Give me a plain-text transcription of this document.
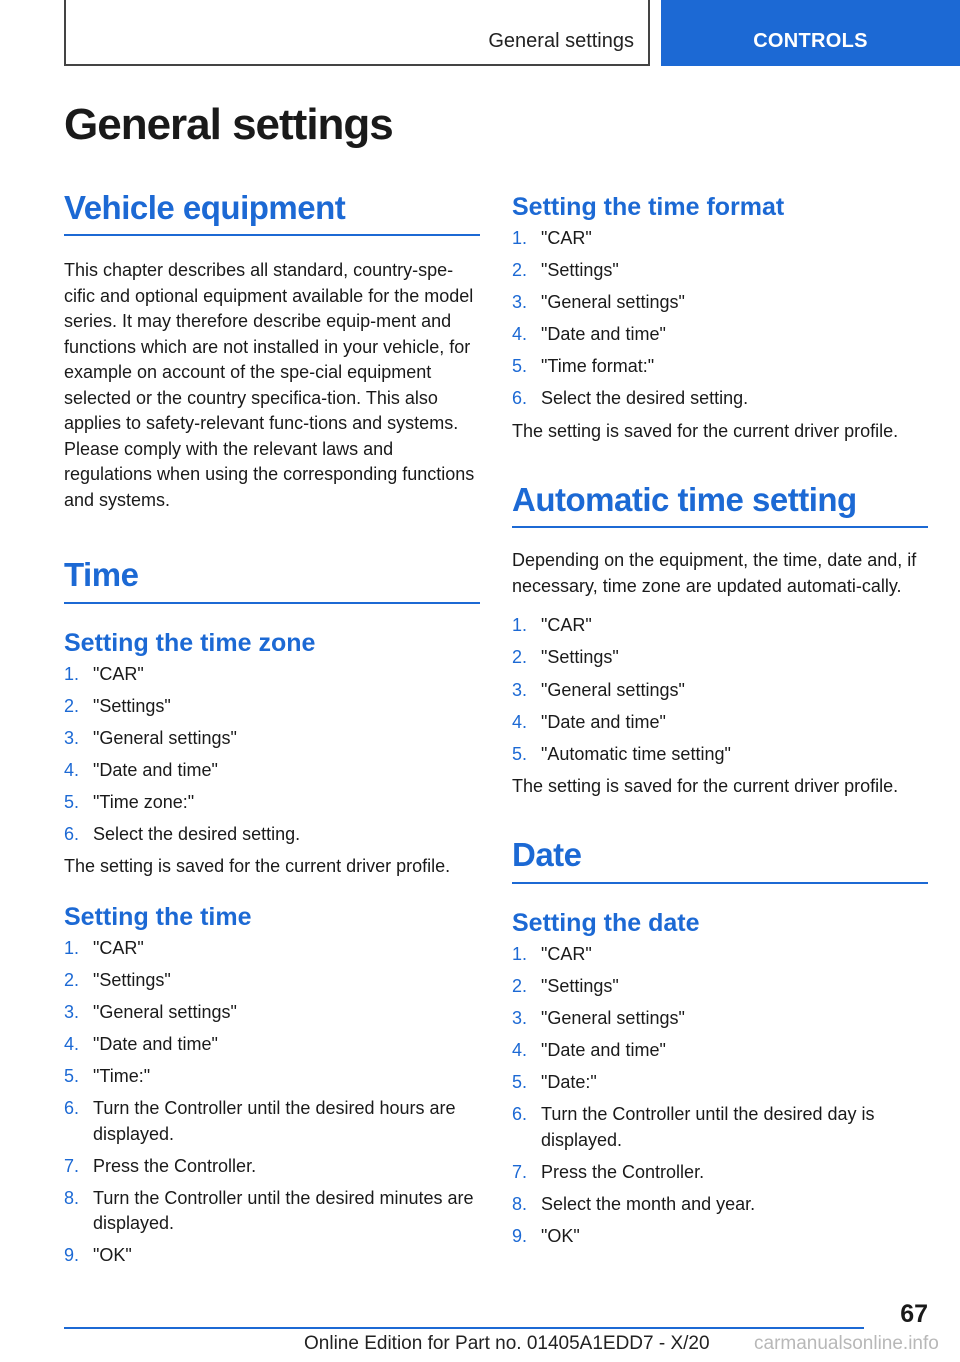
General settings	CONTROLS
General settings
Vehicle equipment

This chapter describes all standard, country-spe‐cific and optional equipment available for the model series. It may therefore describe equip‐ment and functions which are not installed in your vehicle, for example on account of the spe‐cial equipment selected or the country specifica‐tion. This also applies to safety-relevant func‐tions and systems. Please comply with the relevant laws and regulations when using the corresponding functions and systems.

Time
Setting the time zone
1. "CAR"
2. "Settings"
3. "General settings"
4. "Date and time"
5. "Time zone:"
6. Select the desired setting.

The setting is saved for the current driver profile.

Setting the time
1. "CAR"
2. "Settings"
3. "General settings"
4. "Date and time"
5. "Time:"
6. Turn the Controller until the desired hours are displayed.
7. Press the Controller.
8. Turn the Controller until the desired minutes are displayed.
9. "OK"
Setting the time format
1. "CAR"
2. "Settings"
3. "General settings"
4. "Date and time"
5. "Time format:"
6. Select the desired setting.

The setting is saved for the current driver profile.

Automatic time setting

Depending on the equipment, the time, date and, if necessary, time zone are updated automati‐cally.

1. "CAR"
2. "Settings"
3. "General settings"
4. "Date and time"
5. "Automatic time setting"

The setting is saved for the current driver profile.

Date
Setting the date
1. "CAR"
2. "Settings"
3. "General settings"
4. "Date and time"
5. "Date:"
6. Turn the Controller until the desired day is displayed.
7. Press the Controller.
8. Select the month and year.
9. "OK"
67
Online Edition for Part no. 01405A1EDD7 - X/20 carmanualsonline.info
